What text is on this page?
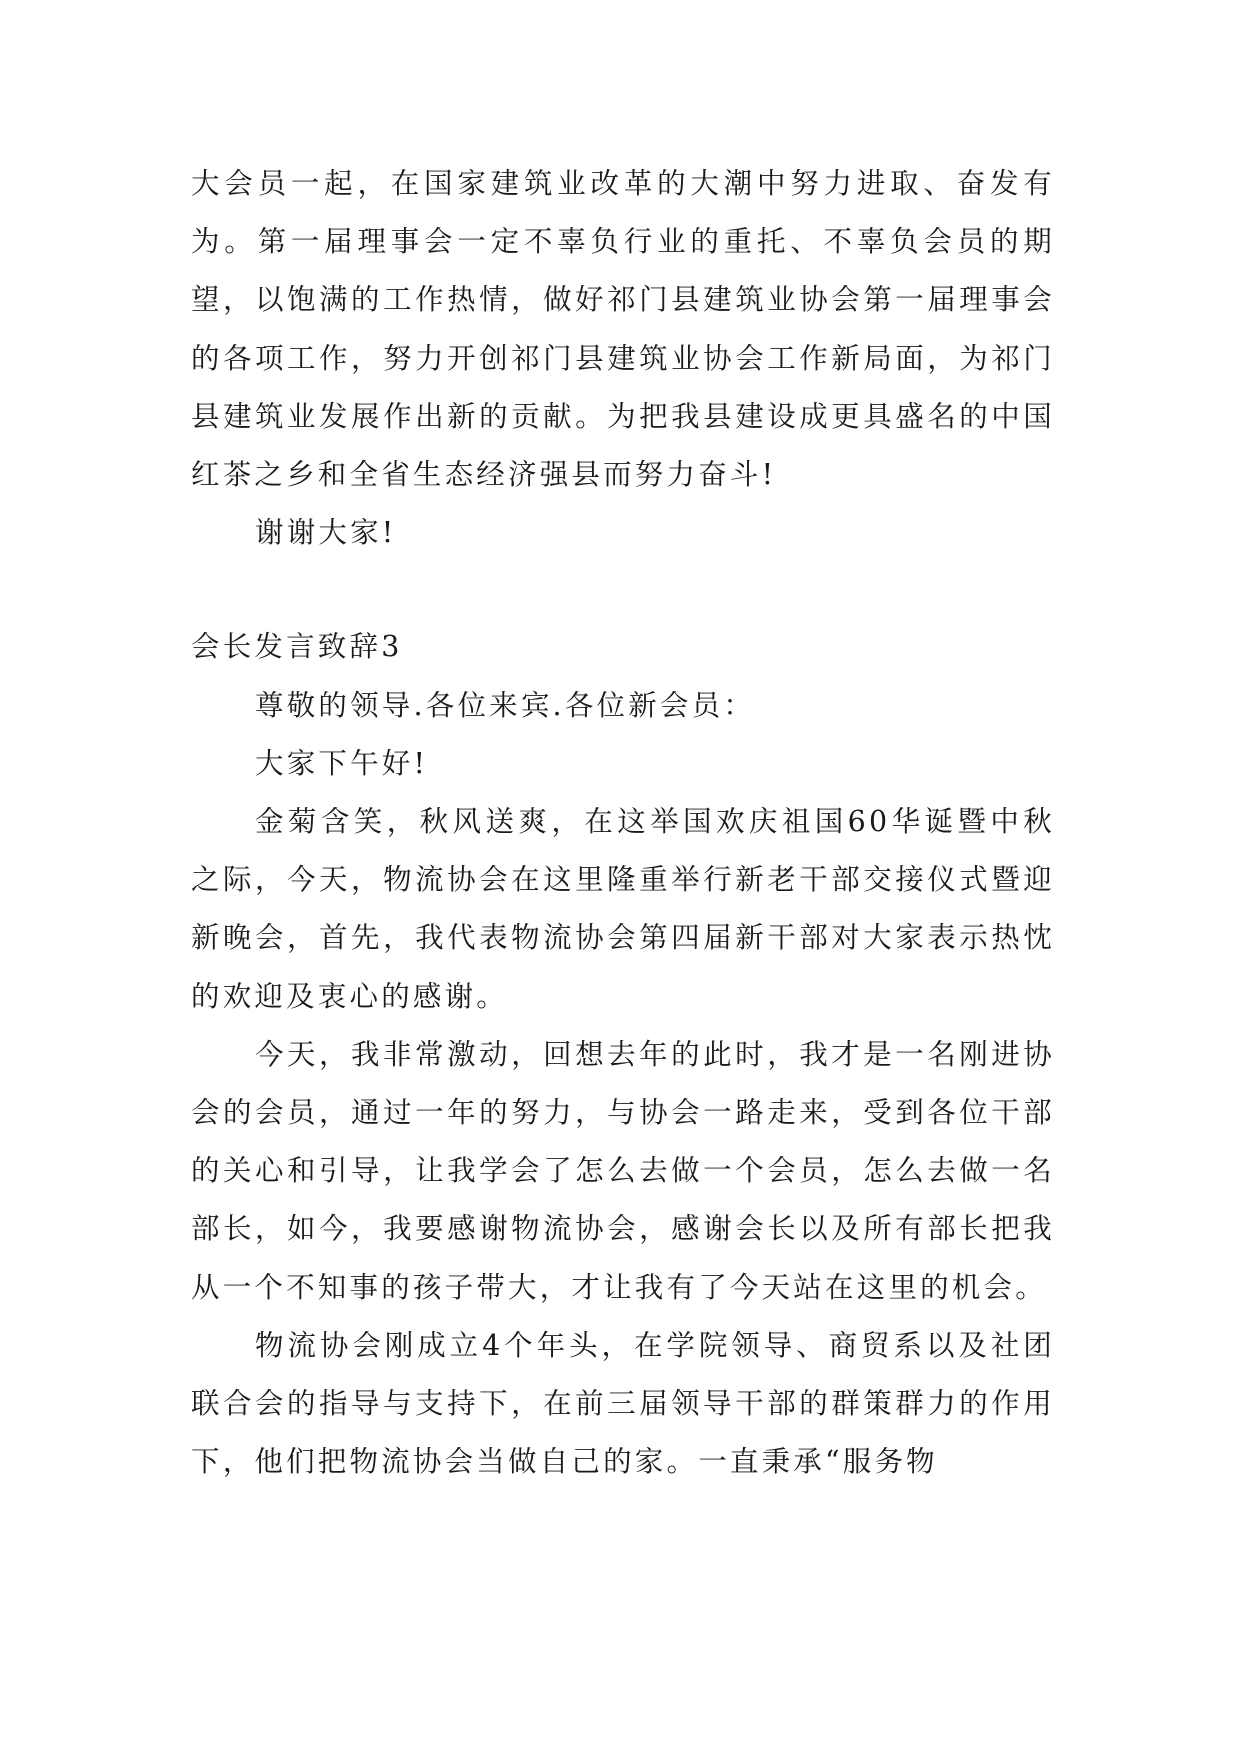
大会员一起，在国家建筑业改革的大潮中努力进取、奋发有为。第一届理事会一定不辜负行业的重托、不辜负会员的期望，以饱满的工作热情，做好祁门县建筑业协会第一届理事会的各项工作，努力开创祁门县建筑业协会工作新局面，为祁门县建筑业发展作出新的贡献。为把我县建设成更具盛名的中国红茶之乡和全省生态经济强县而努力奋斗!

谢谢大家!

会长发言致辞3

尊敬的领导.各位来宾.各位新会员：

大家下午好!

金菊含笑，秋风送爽，在这举国欢庆祖国60华诞暨中秋之际，今天，物流协会在这里隆重举行新老干部交接仪式暨迎新晚会，首先，我代表物流协会第四届新干部对大家表示热忱的欢迎及衷心的感谢。

今天，我非常激动，回想去年的此时，我才是一名刚进协会的会员，通过一年的努力，与协会一路走来，受到各位干部的关心和引导，让我学会了怎么去做一个会员，怎么去做一名部长，如今，我要感谢物流协会，感谢会长以及所有部长把我从一个不知事的孩子带大，才让我有了今天站在这里的机会。

物流协会刚成立4个年头，在学院领导、商贸系以及社团联合会的指导与支持下，在前三届领导干部的群策群力的作用下，他们把物流协会当做自己的家。一直秉承“服务物
